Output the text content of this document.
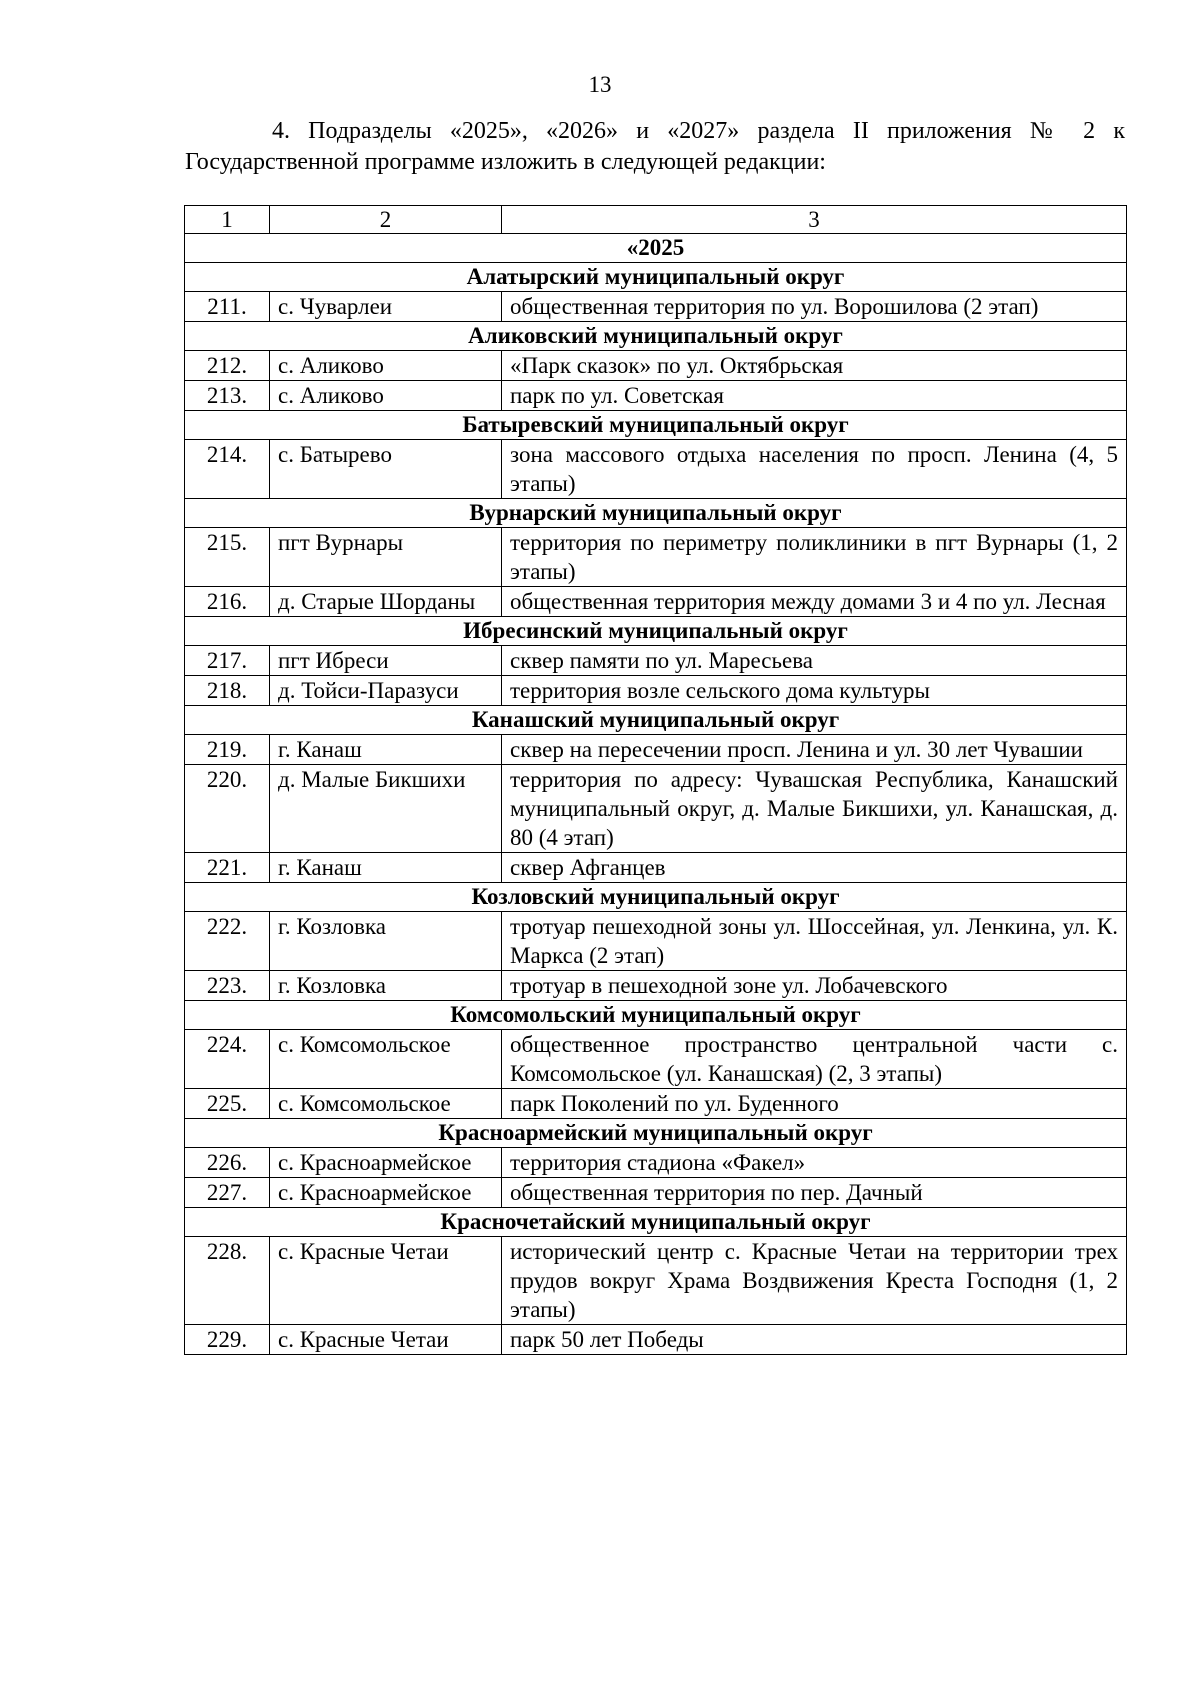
13

4. Подразделы «2025», «2026» и «2027» раздела II приложения № 2 к Государственной программе изложить в следующей редакции:

1	2	3
«2025		
Алатырский муниципальный округ		
211.	с. Чуварлеи	общественная территория по ул. Ворошилова (2 этап)
Аликовский муниципальный округ		
212.	с. Аликово	«Парк сказок» по ул. Октябрьская
213.	с. Аликово	парк по ул. Советская
Батыревский муниципальный округ		
214.	с. Батырево	зона массового отдыха населения по просп. Ленина (4, 5 этапы)
Вурнарский муниципальный округ		
215.	пгт Вурнары	территория по периметру поликлиники в пгт Вурнары (1, 2 этапы)
216.	д. Старые Шорданы	общественная территория между домами 3 и 4 по ул. Лесная
Ибресинский муниципальный округ		
217.	пгт Ибреси	сквер памяти по ул. Маресьева
218.	д. Тойси-Паразуси	территория возле сельского дома культуры
Канашский муниципальный округ		
219.	г. Канаш	сквер на пересечении просп. Ленина и ул. 30 лет Чувашии
220.	д. Малые Бикшихи	территория по адресу: Чувашская Республика, Канашский муниципальный округ, д. Малые Бикшихи, ул. Канашская, д. 80 (4 этап)
221.	г. Канаш	сквер Афганцев
Козловский муниципальный округ		
222.	г. Козловка	тротуар пешеходной зоны ул. Шоссейная, ул. Ленкина, ул. К. Маркса (2 этап)
223.	г. Козловка	тротуар в пешеходной зоне ул. Лобачевского
Комсомольский муниципальный округ		
224.	с. Комсомольское	общественное пространство центральной части с. Комсомольское (ул. Канашская) (2, 3 этапы)
225.	с. Комсомольское	парк Поколений по ул. Буденного
Красноармейский муниципальный округ		
226.	с. Красноармейское	территория стадиона «Факел»
227.	с. Красноармейское	общественная территория по пер. Дачный
Красночетайский муниципальный округ		
228.	с. Красные Четаи	исторический центр с. Красные Четаи на территории трех прудов вокруг Храма Воздвижения Креста Господня (1, 2 этапы)
229.	с. Красные Четаи	парк 50 лет Победы
